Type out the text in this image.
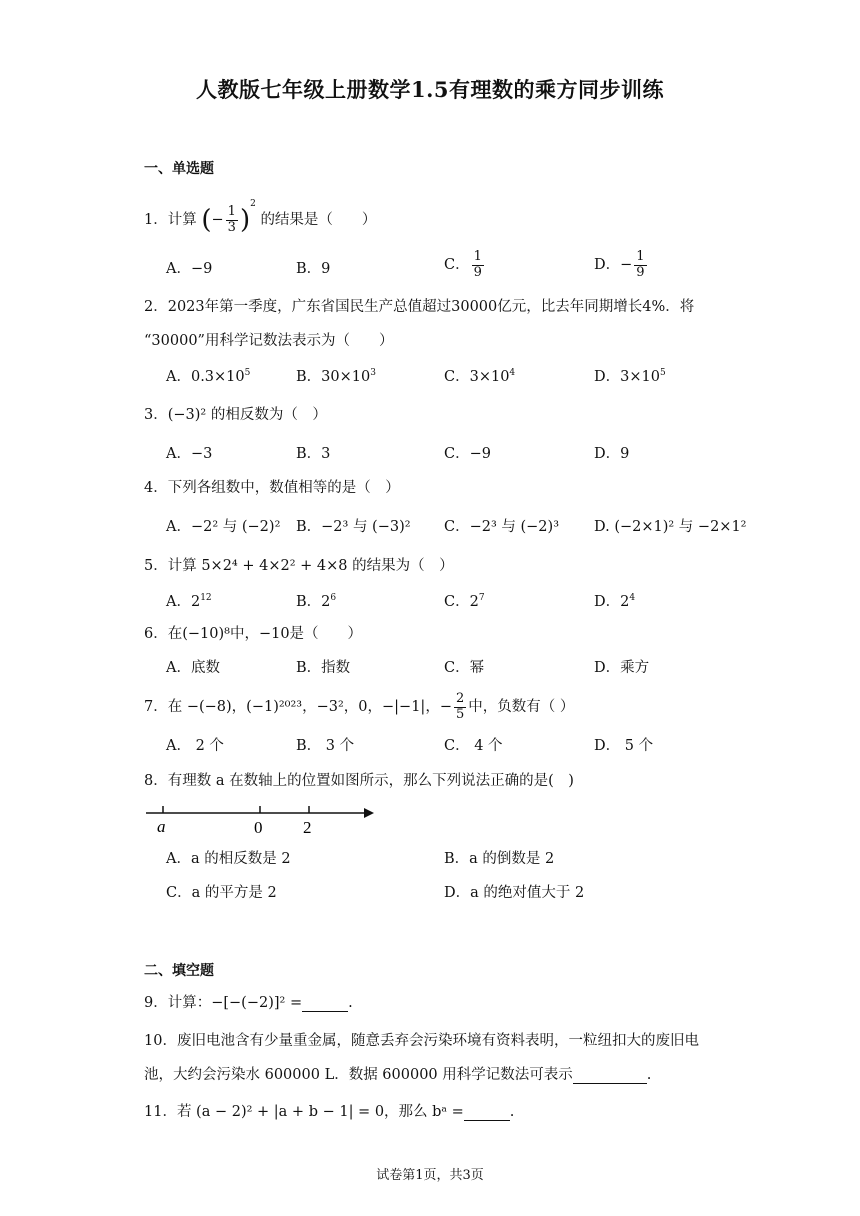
人教版七年级上册数学1.5有理数的乘方同步训练
一、单选题
1．计算 (− $\frac{1}{3} )^2$ 的结果是（　　）
A．−9	B．9	C． $\frac{1}{9}$	D．− $\frac{1}{9}$
2．2023年第一季度，广东省国民生产总值超过30000亿元，比去年同期增长4%．将
“30000”用科学记数法表示为（　　）
A．$0.3\times 10^5$	B．$30\times 10^3$	C．$3\times 10^4$	D．$3\times 10^5$
3．(−3)² 的相反数为（　）
A．−3	B．3	C．−9	D．9
4．下列各组数中，数值相等的是（　）
A．−2² 与 (−2)² B．−2³ 与 (−3)² C．−2³ 与 (−2)³ D. (−2×1)² 与 −2×1²
5．计算 5×2⁴ + 4×2² + 4×8 的结果为（　）
A．$2^{12}$	B．$2^6$	C．$2^7$	D．$2^4$
6．在(−10)⁸中，−10是（　　）
A．底数	B．指数	C．幂	D．乘方
7．在 −(−8)，(−1)²⁰²³，−3²，0，−|−1|，− $\frac{2}{5}$ 中，负数有（ ）
A． 2 个	B． 3 个	C． 4 个	D． 5 个
8．有理数 a 在数轴上的位置如图所示，那么下列说法正确的是(　)
a	0 2
A．a 的相反数是 2	B．a 的倒数是 2
C．a 的平方是 2	D．a 的绝对值大于 2
二、填空题
9．计算：−[−(−2)]² =	.
10．废旧电池含有少量重金属，随意丢弃会污染环境有资料表明，一粒纽扣大的废旧电
池，大约会污染水 600000 L．数据 600000 用科学记数法可表示	.
11．若 (a − 2)² + |a + b − 1| = 0，那么 bᵃ =	.
试卷第1页，共3页
